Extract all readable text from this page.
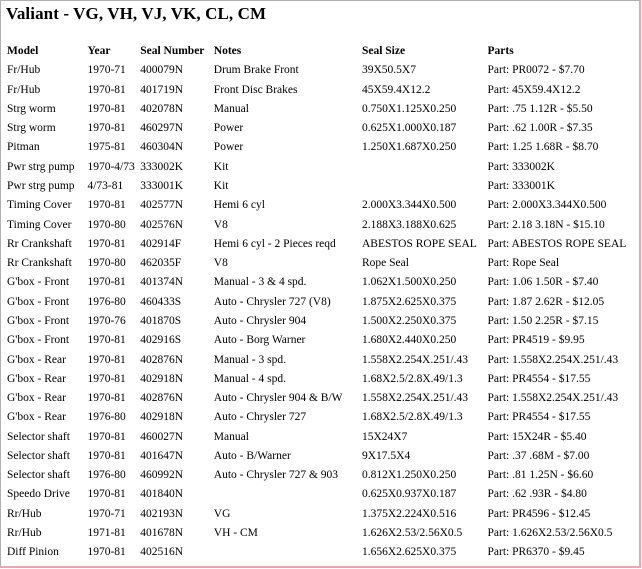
Valiant - VG, VH, VJ, VK, CL, CM
Model	Year	Seal Number	Notes	Seal Size	Parts
Fr/Hub	1970-71	400079N	Drum Brake Front	39X50.5X7	Part: PR0072 - $7.70
Fr/Hub	1970-81	401719N	Front Disc Brakes	45X59.4X12.2	Part: 45X59.4X12.2
Strg worm	1970-81	402078N	Manual	0.750X1.125X0.250	Part: .75 1.12R - $5.50
Strg worm	1970-81	460297N	Power	0.625X1.000X0.187	Part: .62 1.00R - $7.35
Pitman	1975-81	460304N	Power	1.250X1.687X0.250	Part: 1.25 1.68R - $8.70
Pwr strg pump	1970-4/73	333002K	Kit		Part: 333002K
Pwr strg pump	4/73-81	333001K	Kit		Part: 333001K
Timing Cover	1970-81	402577N	Hemi 6 cyl	2.000X3.344X0.500	Part: 2.000X3.344X0.500
Timing Cover	1970-80	402576N	V8	2.188X3.188X0.625	Part: 2.18 3.18N - $15.10
Rr Crankshaft	1970-81	402914F	Hemi 6 cyl - 2 Pieces reqd	ABESTOS ROPE SEAL	Part: ABESTOS ROPE SEAL
Rr Crankshaft	1970-80	462035F	V8	Rope Seal	Part: Rope Seal
G'box - Front	1970-81	401374N	Manual - 3 & 4 spd.	1.062X1.500X0.250	Part: 1.06 1.50R - $7.40
G'box - Front	1976-80	460433S	Auto - Chrysler 727 (V8)	1.875X2.625X0.375	Part: 1.87 2.62R - $12.05
G'box - Front	1970-76	401870S	Auto - Chrysler 904	1.500X2.250X0.375	Part: 1.50 2.25R - $7.15
G'box - Front	1970-81	402916S	Auto - Borg Warner	1.680X2.440X0.250	Part: PR4519 - $9.95
G'box - Rear	1970-81	402876N	Manual - 3 spd.	1.558X2.254X.251/.43	Part: 1.558X2.254X.251/.43
G'box - Rear	1970-81	402918N	Manual - 4 spd.	1.68X2.5/2.8X.49/1.3	Part: PR4554 - $17.55
G'box - Rear	1970-81	402876N	Auto - Chrysler 904 & B/W	1.558X2.254X.251/.43	Part: 1.558X2.254X.251/.43
G'box - Rear	1976-80	402918N	Auto - Chrysler 727	1.68X2.5/2.8X.49/1.3	Part: PR4554 - $17.55
Selector shaft	1970-81	460027N	Manual	15X24X7	Part: 15X24R - $5.40
Selector shaft	1970-81	401647N	Auto - B/Warner	9X17.5X4	Part: .37 .68M - $7.00
Selector shaft	1976-80	460992N	Auto - Chrysler 727 & 903	0.812X1.250X0.250	Part: .81 1.25N - $6.60
Speedo Drive	1970-81	401840N		0.625X0.937X0.187	Part: .62 .93R - $4.80
Rr/Hub	1970-71	402193N	VG	1.375X2.224X0.516	Part: PR4596 - $12.45
Rr/Hub	1971-81	401678N	VH - CM	1.626X2.53/2.56X0.5	Part: 1.626X2.53/2.56X0.5
Diff Pinion	1970-81	402516N		1.656X2.625X0.375	Part: PR6370 - $9.45
